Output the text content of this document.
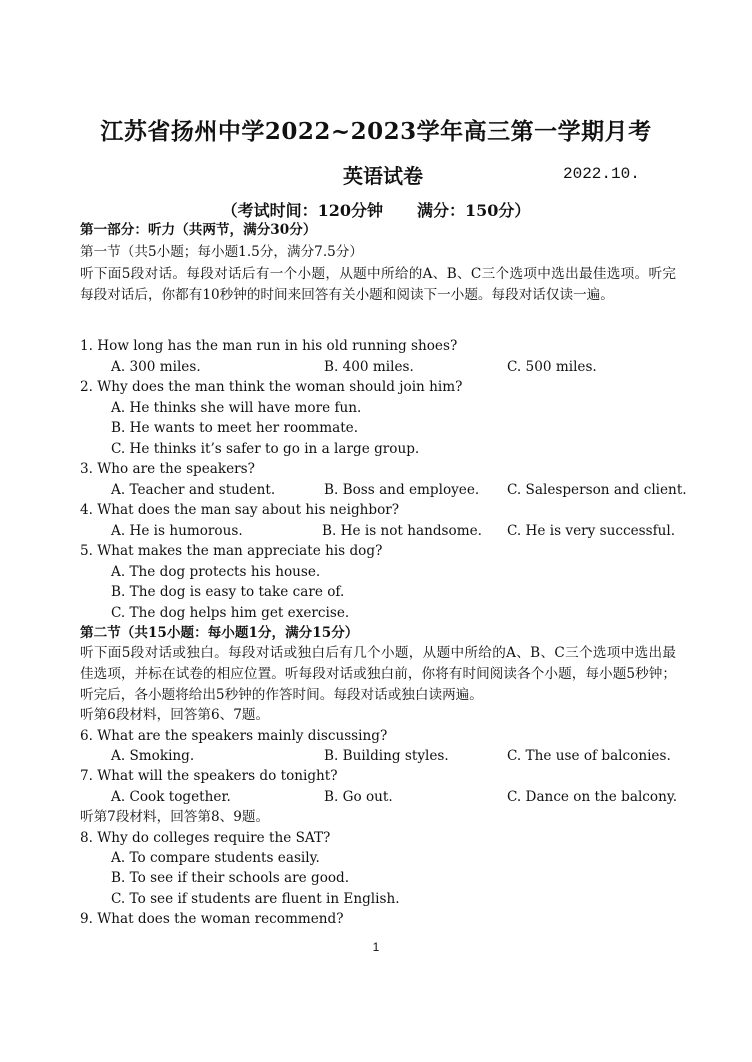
江苏省扬州中学2022~2023学年高三第一学期月考
英语试卷	2022.10.
（考试时间：120分钟 满分：150分）
第一部分：听力（共两节，满分30分）
第一节（共5小题；每小题1.5分，满分7.5分）
听下面5段对话。每段对话后有一个小题，从题中所给的A、B、C三个选项中选出最佳选项。听完每段对话后，你都有10秒钟的时间来回答有关小题和阅读下一小题。每段对话仅读一遍。
1. How long has the man run in his old running shoes?
A. 300 miles.	B. 400 miles.	C. 500 miles.
2. Why does the man think the woman should join him?
A. He thinks she will have more fun.
B. He wants to meet her roommate.
C. He thinks it’s safer to go in a large group.
3. Who are the speakers?
A. Teacher and student.	B. Boss and employee. C. Salesperson and client.
4. What does the man say about his neighbor?
A. He is humorous.	B. He is not handsome. C. He is very successful.
5. What makes the man appreciate his dog?
A. The dog protects his house.
B. The dog is easy to take care of.
C. The dog helps him get exercise.
第二节（共15小题：每小题1分，满分15分）
听下面5段对话或独白。每段对话或独白后有几个小题，从题中所给的A、B、C三个选项中选出最佳选项，并标在试卷的相应位置。听每段对话或独白前，你将有时间阅读各个小题，每小题5秒钟；听完后，各小题将给出5秒钟的作答时间。每段对话或独白读两遍。
听第6段材料，回答第6、7题。
6. What are the speakers mainly discussing?
A. Smoking.	B. Building styles.	C. The use of balconies.
7. What will the speakers do tonight?
A. Cook together.	B. Go out.	C. Dance on the balcony.
听第7段材料，回答第8、9题。
8. Why do colleges require the SAT?
A. To compare students easily.
B. To see if their schools are good.
C. To see if students are fluent in English.
9. What does the woman recommend?
1
